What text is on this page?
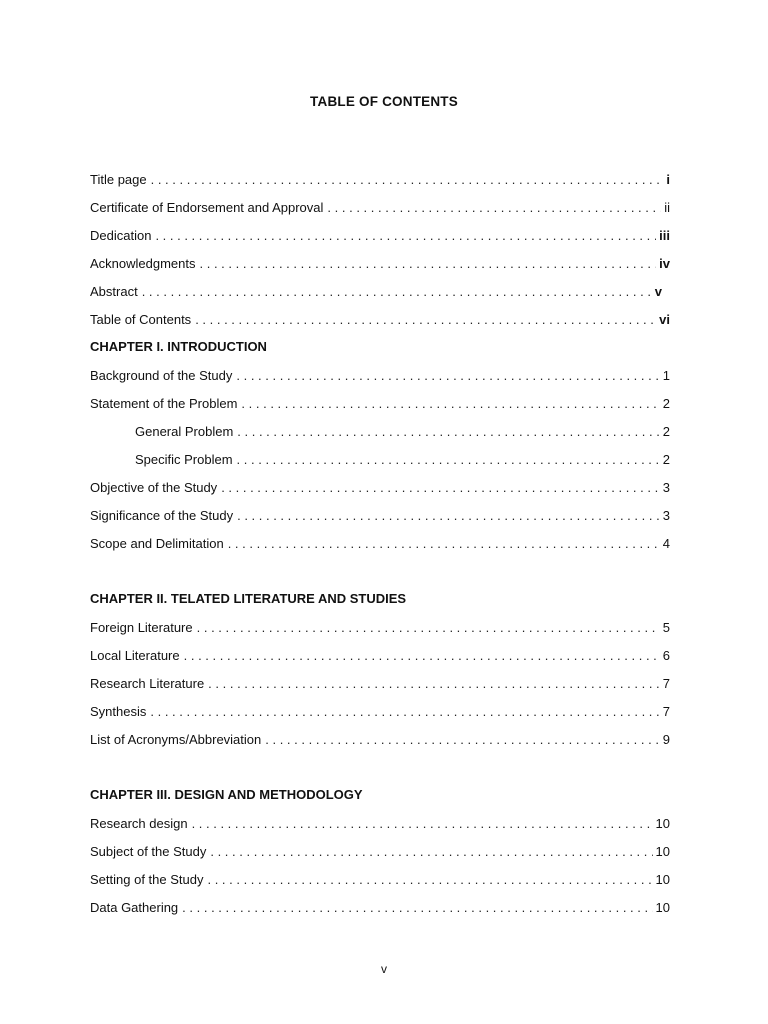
TABLE OF CONTENTS
Title page . . .	i
Certificate of Endorsement and Approval . . .	ii
Dedication . . .	iii
Acknowledgments . . .	iv
Abstract . . .	v
Table of Contents . . .	vi
CHAPTER I. INTRODUCTION
Background of the Study . . .	1
Statement of the Problem . . .	2
General Problem . . .	2
Specific Problem . . .	2
Objective of the Study . . .	3
Significance of the Study . . .	3
Scope and Delimitation . . .	4
CHAPTER II. TELATED LITERATURE AND STUDIES
Foreign Literature . . .	5
Local Literature . . .	6
Research Literature . . .	7
Synthesis . . .	7
List of Acronyms/Abbreviation . . .	9
CHAPTER III. DESIGN AND METHODOLOGY
Research design . . .	10
Subject of the Study . . .	10
Setting of the Study . . .	10
Data Gathering . . .	10
v
